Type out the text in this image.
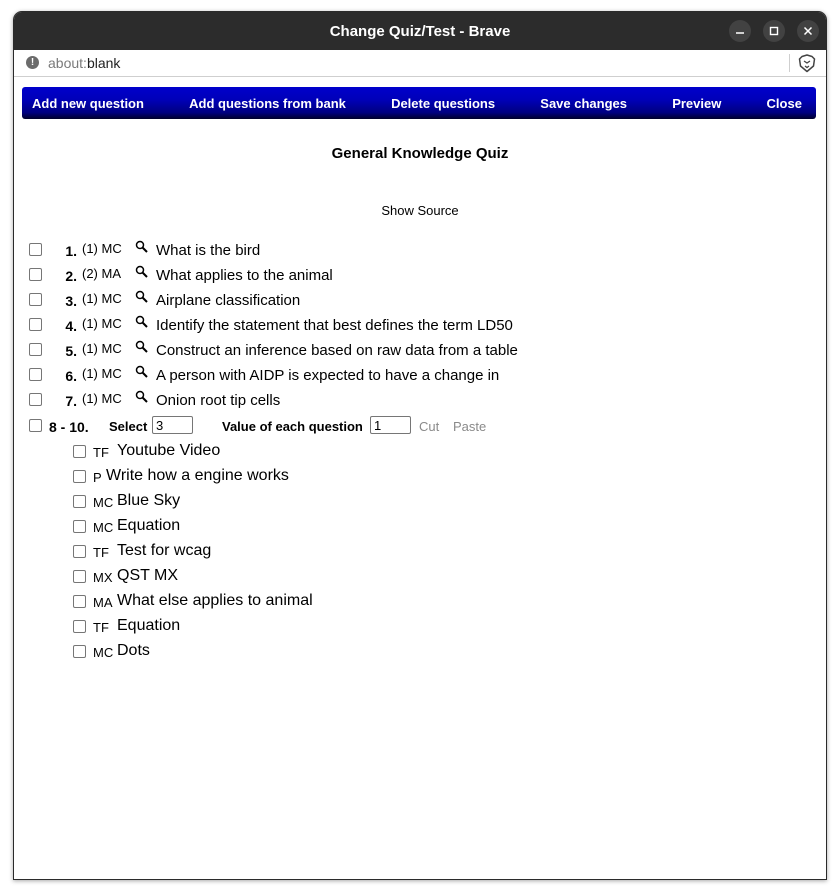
Change Quiz/Test - Brave
! about:blank
Add new question	Add questions from bank	Delete questions	Save changes	Preview	Close
General Knowledge Quiz
Show Source
1. (1) MC What is the bird
2. (2) MA What applies to the animal
3. (1) MC Airplane classification
4. (1) MC Identify the statement that best defines the term LD50
5. (1) MC Construct an inference based on raw data from a table
6. (1) MC A person with AIDP is expected to have a change in
7. (1) MC Onion root tip cells
8 - 10. Select
3	Value of each question
1	Cut Paste
TF Youtube Video
P Write how a engine works
MC Blue Sky
MC Equation
TF Test for wcag
MX QST MX
MA What else applies to animal
TF Equation
MC Dots
